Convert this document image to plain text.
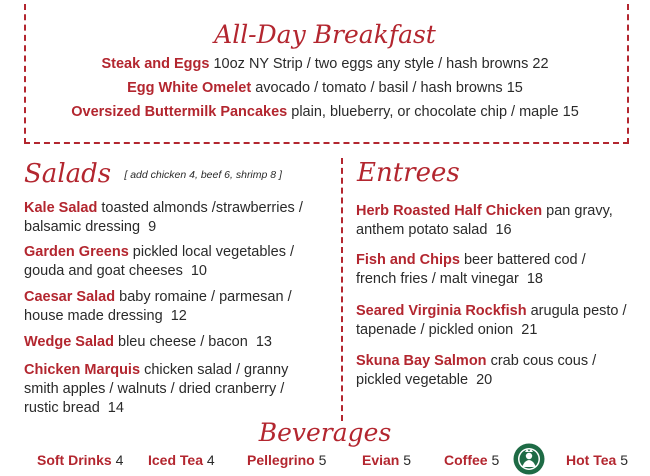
All-Day Breakfast
Steak and Eggs 10oz NY Strip / two eggs any style / hash browns 22
Egg White Omelet avocado / tomato / basil / hash browns 15
Oversized Buttermilk Pancakes plain, blueberry, or chocolate chip / maple 15
Salads [ add chicken 4, beef 6, shrimp 8 ]
Kale Salad toasted almonds /strawberries /
balsamic dressing 9
Garden Greens pickled local vegetables /
gouda and goat cheeses 10
Caesar Salad baby romaine / parmesan /
house made dressing 12
Wedge Salad bleu cheese / bacon 13
Chicken Marquis chicken salad / granny
smith apples / walnuts / dried cranberry /
rustic bread 14
Entrees
Herb Roasted Half Chicken pan gravy,
anthem potato salad 16
Fish and Chips beer battered cod /
french fries / malt vinegar 18
Seared Virginia Rockfish arugula pesto /
tapenade / pickled onion 21
Skuna Bay Salmon crab cous cous /
pickled vegetable 20
Beverages
Soft Drinks 4 Iced Tea 4 Pellegrino 5	Evian 5 Coffee 5	Hot Tea 5
